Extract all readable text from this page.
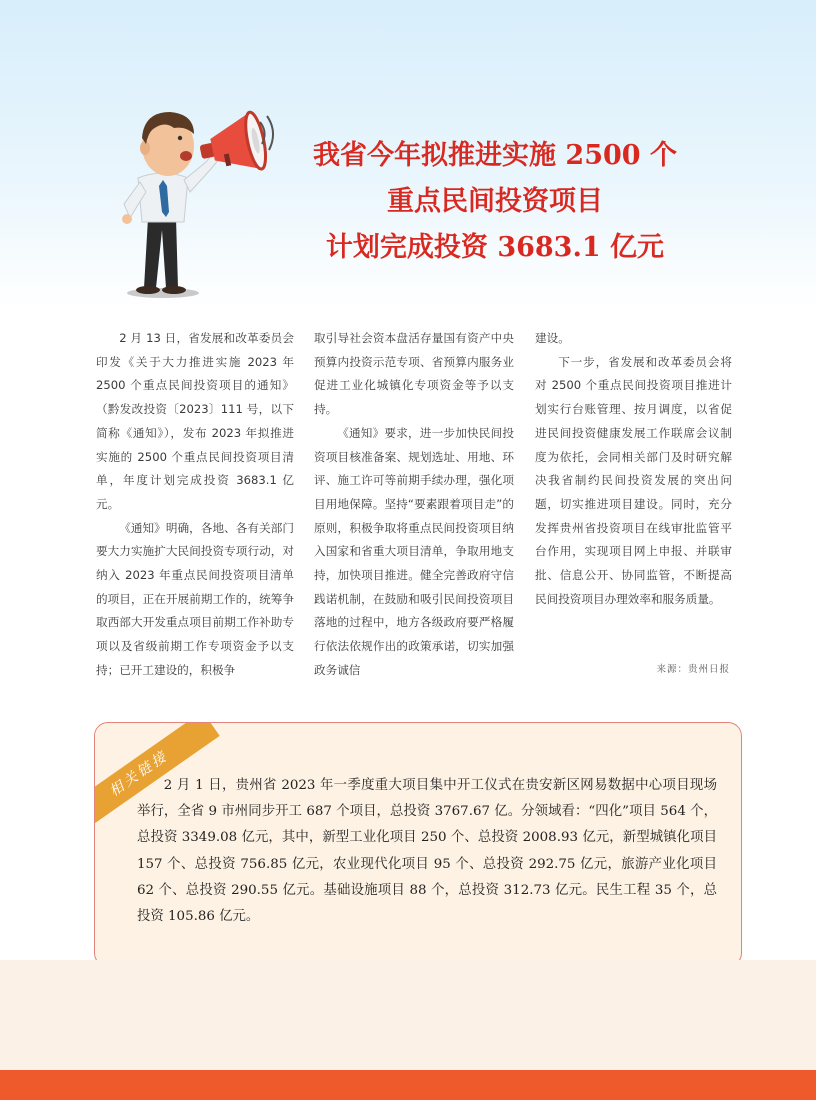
我省今年拟推进实施 2500 个
重点民间投资项目
计划完成投资 3683.1 亿元

2 月 13 日，省发展和改革委员会印发《关于大力推进实施 2023 年 2500 个重点民间投资项目的通知》（黔发改投资〔2023〕111 号，以下简称《通知》），发布 2023 年拟推进实施的 2500 个重点民间投资项目清单，年度计划完成投资 3683.1 亿元。

《通知》明确，各地、各有关部门要大力实施扩大民间投资专项行动，对纳入 2023 年重点民间投资项目清单的项目，正在开展前期工作的，统筹争取西部大开发重点项目前期工作补助专项以及省级前期工作专项资金予以支持；已开工建设的，积极争

取引导社会资本盘活存量国有资产中央预算内投资示范专项、省预算内服务业促进工业化城镇化专项资金等予以支持。

《通知》要求，进一步加快民间投资项目核准备案、规划选址、用地、环评、施工许可等前期手续办理，强化项目用地保障。坚持“要素跟着项目走”的原则，积极争取将重点民间投资项目纳入国家和省重大项目清单，争取用地支持，加快项目推进。健全完善政府守信践诺机制，在鼓励和吸引民间投资项目落地的过程中，地方各级政府要严格履行依法依规作出的政策承诺，切实加强政务诚信

建设。

下一步，省发展和改革委员会将对 2500 个重点民间投资项目推进计划实行台账管理、按月调度，以省促进民间投资健康发展工作联席会议制度为依托，会同相关部门及时研究解决我省制约民间投资发展的突出问题，切实推进项目建设。同时，充分发挥贵州省投资项目在线审批监管平台作用，实现项目网上申报、并联审批、信息公开、协同监管，不断提高民间投资项目办理效率和服务质量。

来源：贵州日报
相关链接

2 月 1 日，贵州省 2023 年一季度重大项目集中开工仪式在贵安新区网易数据中心项目现场举行，全省 9 市州同步开工 687 个项目，总投资 3767.67 亿。分领域看：“四化”项目 564 个，总投资 3349.08 亿元，其中，新型工业化项目 250 个、总投资 2008.93 亿元，新型城镇化项目 157 个、总投资 756.85 亿元，农业现代化项目 95 个、总投资 292.75 亿元，旅游产业化项目 62 个、总投资 290.55 亿元。基础设施项目 88 个，总投资 312.73 亿元。民生工程 35 个，总投资 105.86 亿元。
